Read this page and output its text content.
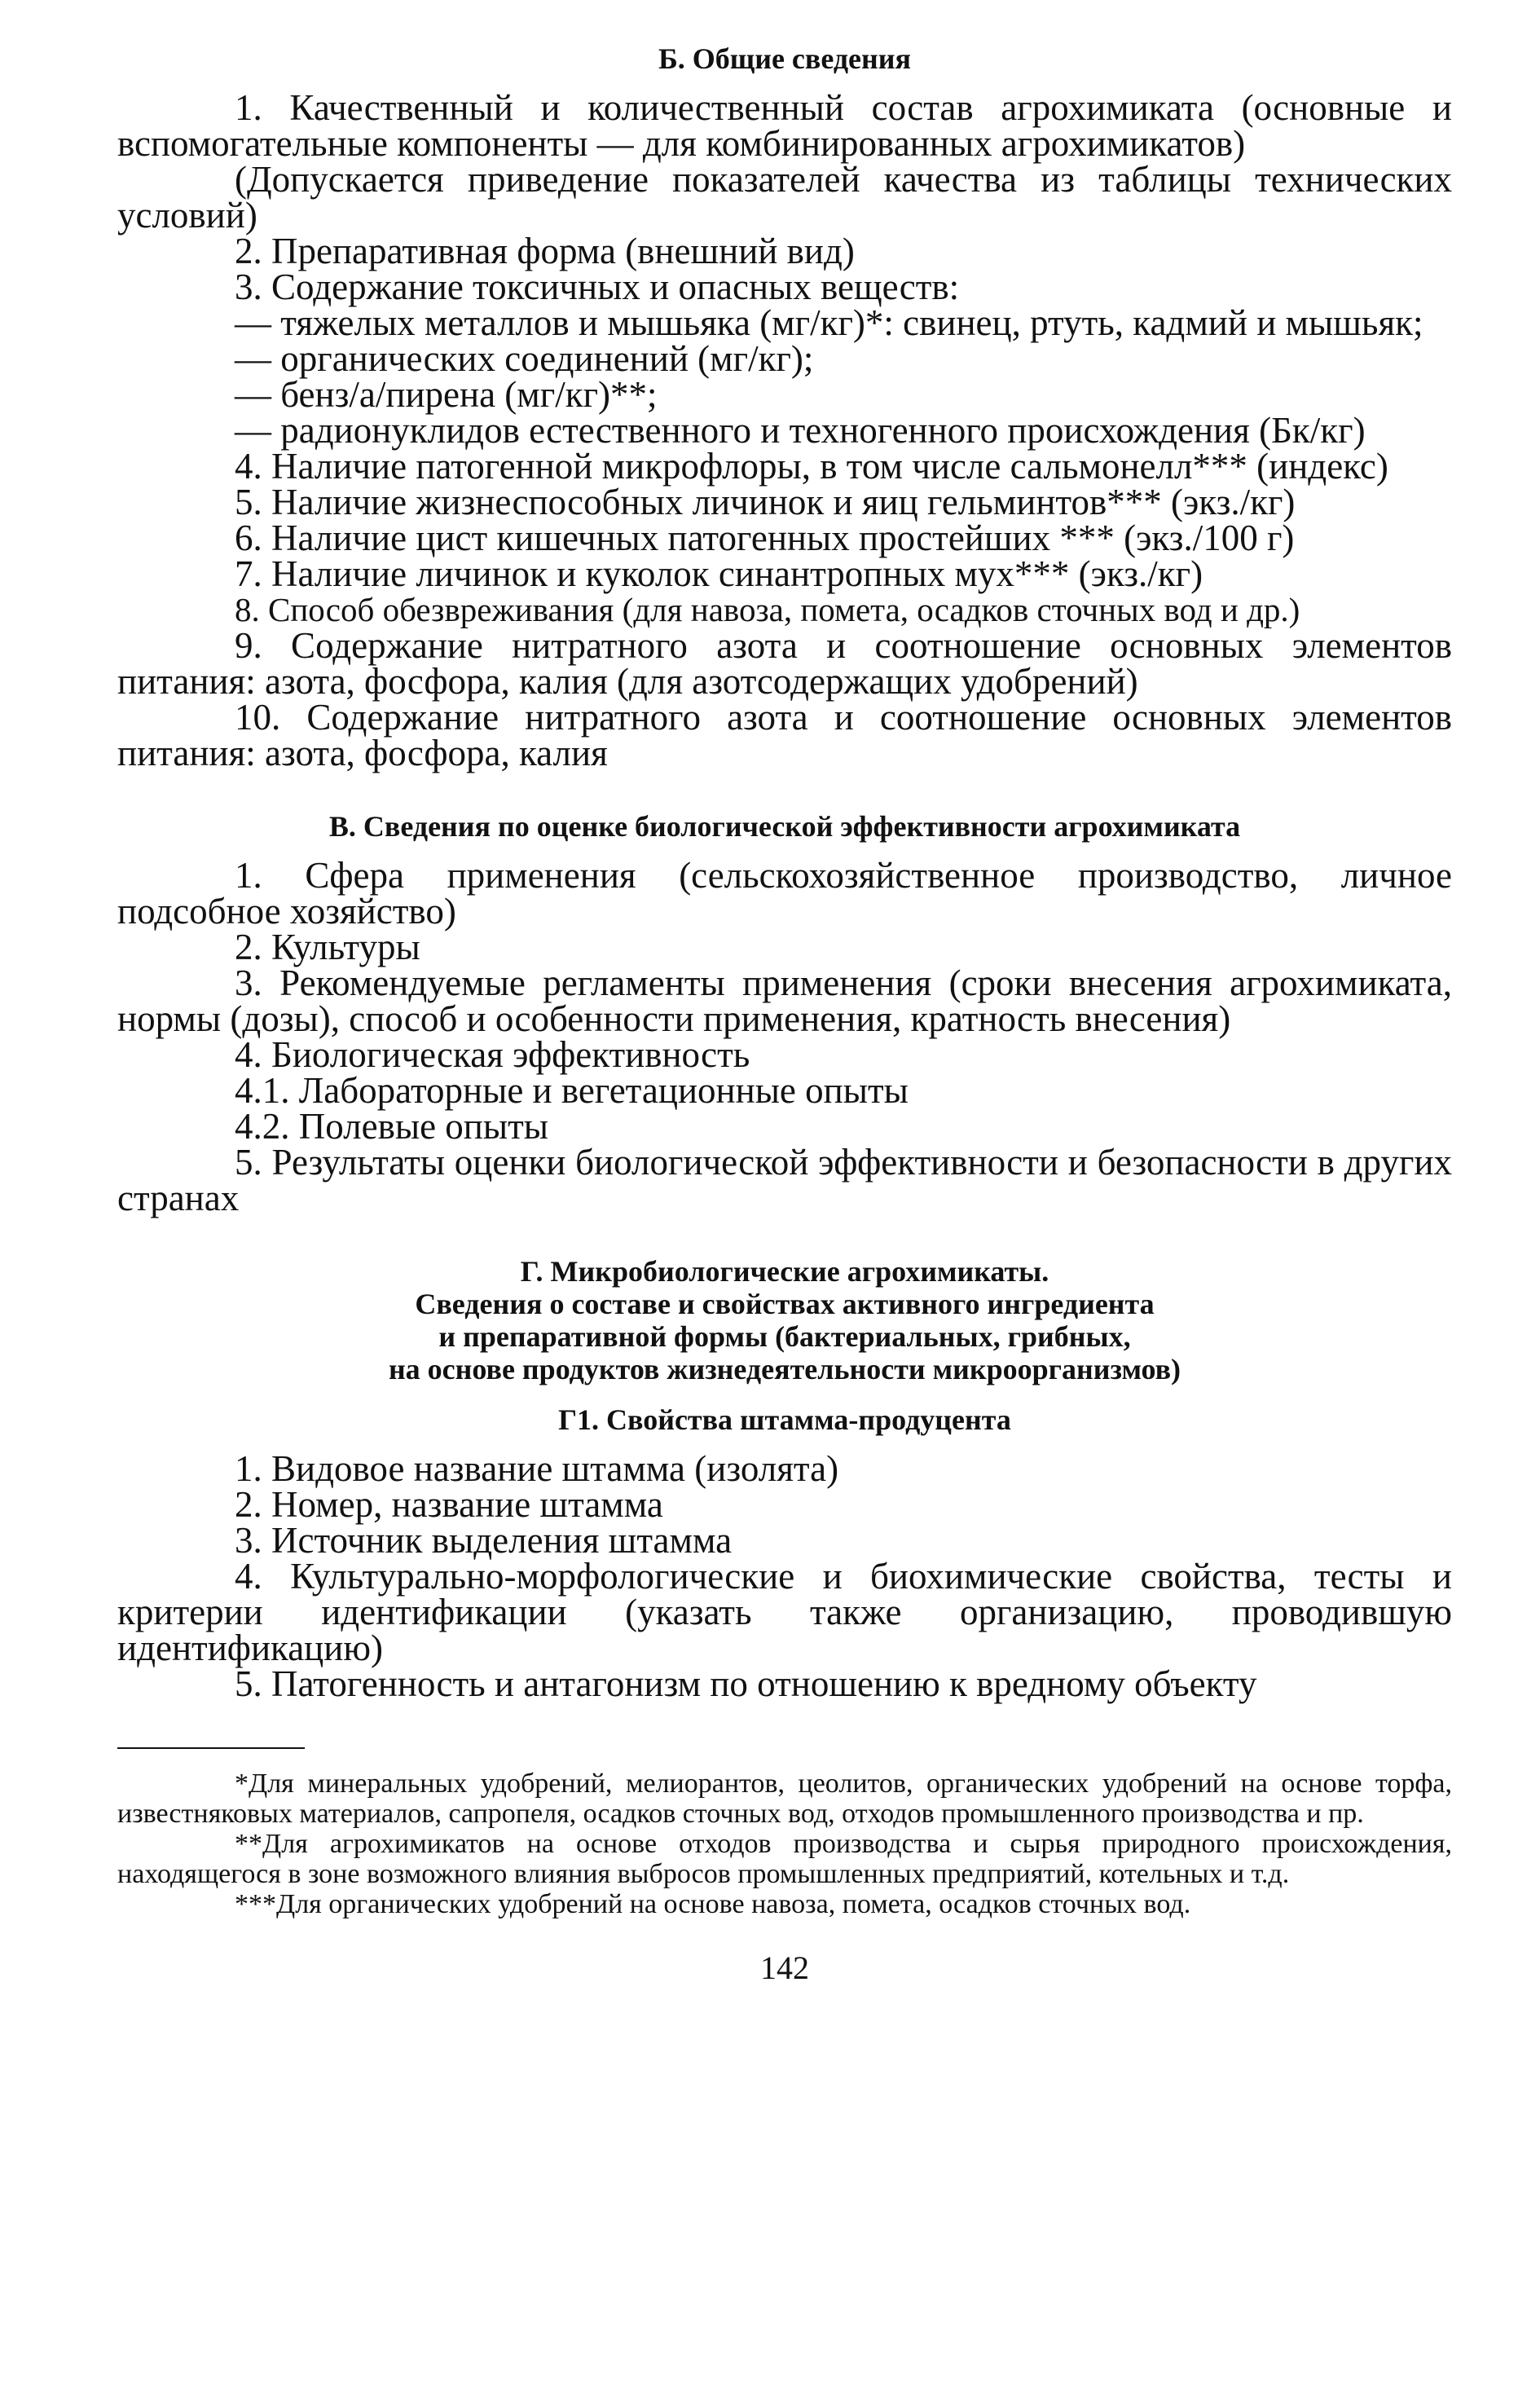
Б. Общие сведения

1. Качественный и количественный состав агрохимиката (основные и вспомогательные компоненты — для комбинированных агрохимикатов)

(Допускается приведение показателей качества из таблицы технических условий)

2. Препаративная форма (внешний вид)

3. Содержание токсичных и опасных веществ:

— тяжелых металлов и мышьяка (мг/кг)*: свинец, ртуть, кадмий и мышьяк;

— органических соединений (мг/кг);

— бенз/а/пирена (мг/кг)**;

— радионуклидов естественного и техногенного происхождения (Бк/кг)

4. Наличие патогенной микрофлоры, в том числе сальмонелл*** (индекс)

5. Наличие жизнеспособных личинок и яиц гельминтов*** (экз./кг)

6. Наличие цист кишечных патогенных простейших *** (экз./100 г)

7. Наличие личинок и куколок синантропных мух*** (экз./кг)

8. Способ обезвреживания (для навоза, помета, осадков сточных вод и др.)

9. Содержание нитратного азота и соотношение основных элементов питания: азота, фосфора, калия (для азотсодержащих удобрений)

10. Содержание нитратного азота и соотношение основных элементов питания: азота, фосфора, калия

В. Сведения по оценке биологической эффективности агрохимиката

1. Сфера применения (сельскохозяйственное производство, личное подсобное хозяйство)

2. Культуры

3. Рекомендуемые регламенты применения (сроки внесения агрохимиката, нормы (дозы), способ и особенности применения, кратность внесения)

4. Биологическая эффективность

4.1. Лабораторные и вегетационные опыты

4.2. Полевые опыты

5. Результаты оценки биологической эффективности и безопасности в других странах

Г. Микробиологические агрохимикаты.
Сведения о составе и свойствах активного ингредиента
и препаративной формы (бактериальных, грибных,
на основе продуктов жизнедеятельности микроорганизмов)
Г1. Свойства штамма-продуцента

1. Видовое название штамма (изолята)

2. Номер, название штамма

3. Источник выделения штамма

4. Культурально-морфологические и биохимические свойства, тесты и критерии идентификации (указать также организацию, проводившую идентификацию)

5. Патогенность и антагонизм по отношению к вредному объекту

*Для минеральных удобрений, мелиорантов, цеолитов, органических удобрений на основе торфа, известняковых материалов, сапропеля, осадков сточных вод, отходов промышленного производства и пр.

**Для агрохимикатов на основе отходов производства и сырья природного происхождения, находящегося в зоне возможного влияния выбросов промышленных предприятий, котельных и т.д.

***Для органических удобрений на основе навоза, помета, осадков сточных вод.

142
